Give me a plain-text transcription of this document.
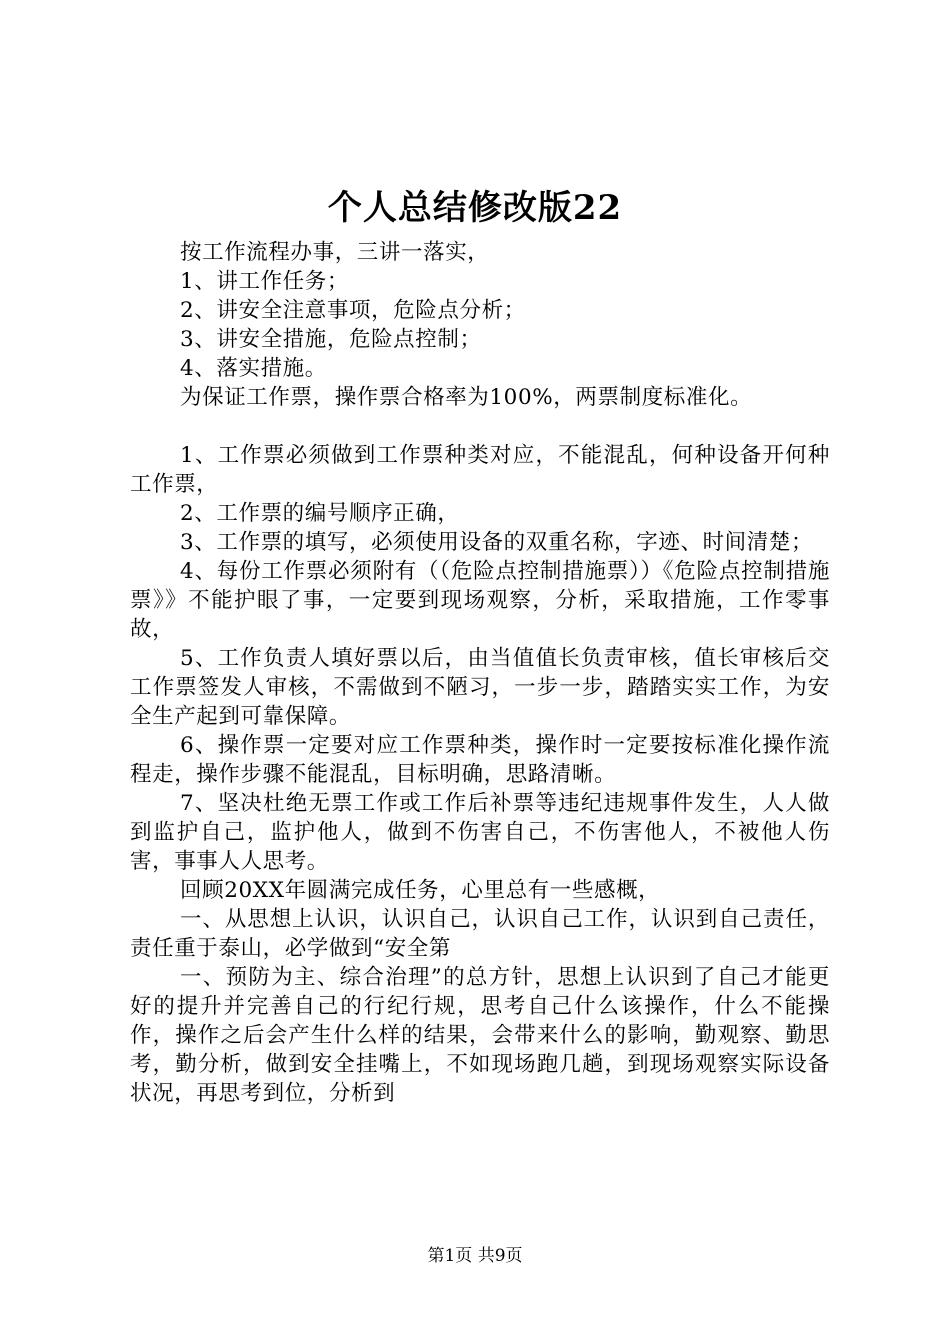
个人总结修改版22

按工作流程办事，三讲一落实，

1、讲工作任务；

2、讲安全注意事项，危险点分析；

3、讲安全措施，危险点控制；

4、落实措施。

为保证工作票，操作票合格率为100%，两票制度标准化。

1、工作票必须做到工作票种类对应，不能混乱，何种设备开何种工作票，

2、工作票的编号顺序正确，

3、工作票的填写，必须使用设备的双重名称，字迹、时间清楚；

4、每份工作票必须附有（（危险点控制措施票））《危险点控制措施票》》不能护眼了事，一定要到现场观察，分析，采取措施，工作零事故，

5、工作负责人填好票以后，由当值值长负责审核，值长审核后交工作票签发人审核，不需做到不陋习，一步一步，踏踏实实工作，为安全生产起到可靠保障。

6、操作票一定要对应工作票种类，操作时一定要按标准化操作流程走，操作步骤不能混乱，目标明确，思路清晰。

7、坚决杜绝无票工作或工作后补票等违纪违规事件发生，人人做到监护自己，监护他人，做到不伤害自己，不伤害他人，不被他人伤害，事事人人思考。

回顾20XX年圆满完成任务，心里总有一些感概，

一、从思想上认识，认识自己，认识自己工作，认识到自己责任，责任重于泰山，必学做到“安全第

一、预防为主、综合治理”的总方针，思想上认识到了自己才能更好的提升并完善自己的行纪行规，思考自己什么该操作，什么不能操作，操作之后会产生什么样的结果，会带来什么的影响，勤观察、勤思考，勤分析，做到安全挂嘴上，不如现场跑几趟，到现场观察实际设备状况，再思考到位，分析到

第1页 共9页
